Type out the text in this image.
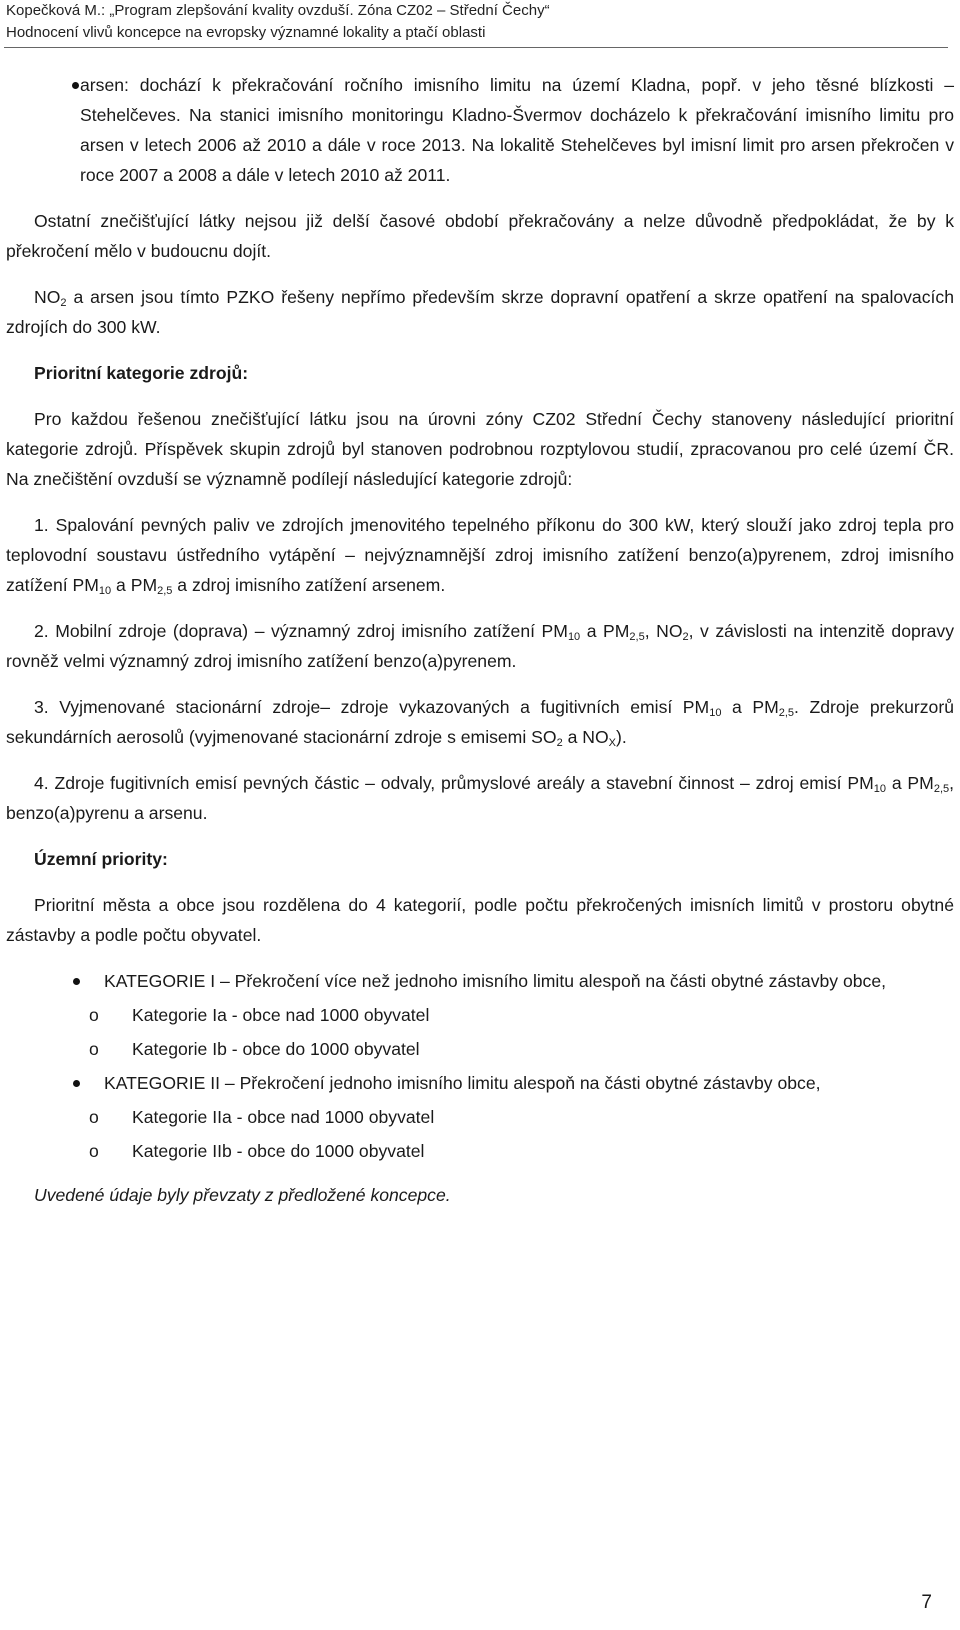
Kopečková M.: „Program zlepšování kvality ovzduší. Zóna CZ02 – Střední Čechy“
Hodnocení vlivů koncepce na evropsky významné lokality a ptačí oblasti

arsen: dochází k překračování ročního imisního limitu na území Kladna, popř. v jeho těsné blízkosti – Stehelčeves. Na stanici imisního monitoringu Kladno-Švermov docházelo k překračování imisního limitu pro arsen v letech 2006 až 2010 a dále v roce 2013. Na lokalitě Stehelčeves byl imisní limit pro arsen překročen v roce 2007 a 2008 a dále v letech 2010 až 2011.

Ostatní znečišťující látky nejsou již delší časové období překračovány a nelze důvodně předpokládat, že by k překročení mělo v budoucnu dojít.

$NO_2$ a arsen jsou tímto PZKO řešeny nepřímo především skrze dopravní opatření a skrze opatření na spalovacích zdrojích do 300 kW.

Prioritní kategorie zdrojů:

Pro každou řešenou znečišťující látku jsou na úrovni zóny CZ02 Střední Čechy stanoveny následující prioritní kategorie zdrojů. Příspěvek skupin zdrojů byl stanoven podrobnou rozptylovou studií, zpracovanou pro celé území ČR. Na znečištění ovzduší se významně podílejí následující kategorie zdrojů:

1. Spalování pevných paliv ve zdrojích jmenovitého tepelného příkonu do 300 kW, který slouží jako zdroj tepla pro teplovodní soustavu ústředního vytápění – nejvýznamnější zdroj imisního zatížení benzo(a)pyrenem, zdroj imisního zatížení $PM_{10}$ a $PM_{2,5}$ a zdroj imisního zatížení arsenem.

2. Mobilní zdroje (doprava) – významný zdroj imisního zatížení $PM_{10}$ a $PM_{2,5}$, $NO_2$, v závislosti na intenzitě dopravy rovněž velmi významný zdroj imisního zatížení benzo(a)pyrenem.

3. Vyjmenované stacionární zdroje– zdroje vykazovaných a fugitivních emisí $PM_{10}$ a $PM_{2,5}$. Zdroje prekurzorů sekundárních aerosolů (vyjmenované stacionární zdroje s emisemi $SO_2$ a $NO_X$).

4. Zdroje fugitivních emisí pevných částic – odvaly, průmyslové areály a stavební činnost – zdroj emisí $PM_{10}$ a $PM_{2,5}$, benzo(a)pyrenu a arsenu.

Územní priority:

Prioritní města a obce jsou rozdělena do 4 kategorií, podle počtu překročených imisních limitů v prostoru obytné zástavby a podle počtu obyvatel.

KATEGORIE I – Překročení více než jednoho imisního limitu alespoň na části obytné zástavby obce,

o Kategorie Ia - obce nad 1000 obyvatel

o Kategorie Ib - obce do 1000 obyvatel

KATEGORIE II – Překročení jednoho imisního limitu alespoň na části obytné zástavby obce,

o Kategorie IIa - obce nad 1000 obyvatel

o Kategorie IIb - obce do 1000 obyvatel

Uvedené údaje byly převzaty z předložené koncepce.

7
